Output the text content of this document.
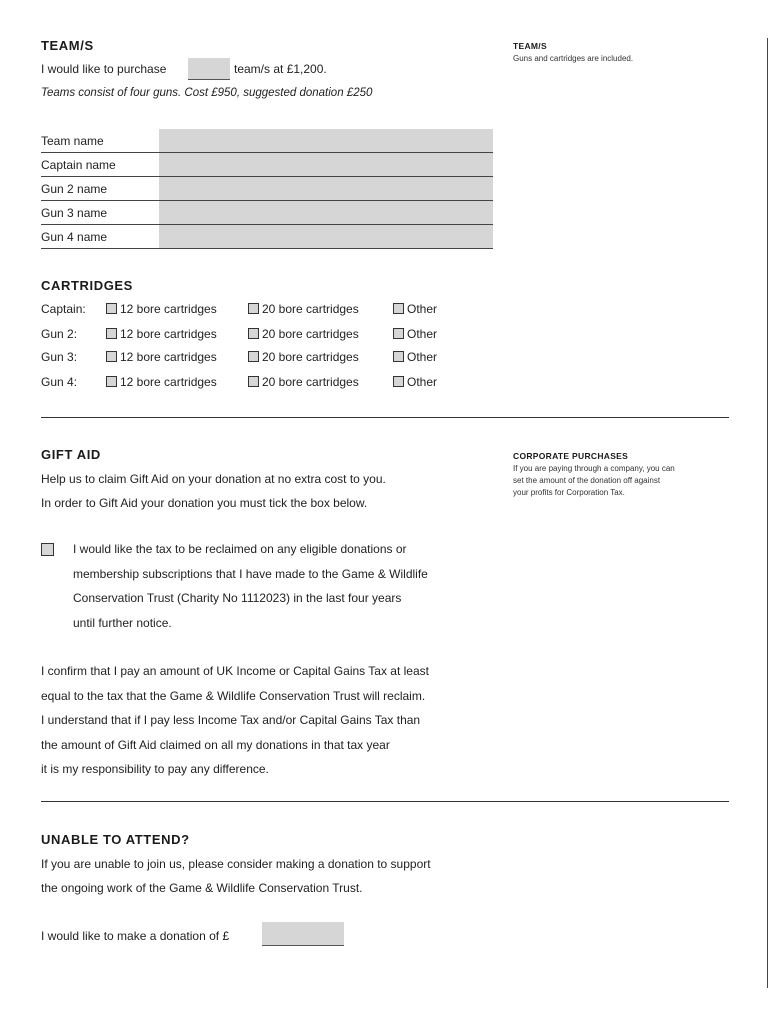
TEAM/S
I would like to purchase	team/s at £1,200.
Teams consist of four guns. Cost £950, suggested donation £250
TEAM/S
Guns and cartridges are included.
Team name
Captain name
Gun 2 name
Gun 3 name
Gun 4 name
CARTRIDGES
Captain:	12 bore cartridges	20 bore cartridges	Other
Gun 2:	12 bore cartridges	20 bore cartridges	Other
Gun 3:	12 bore cartridges	20 bore cartridges	Other
Gun 4:	12 bore cartridges	20 bore cartridges	Other
GIFT AID
Help us to claim Gift Aid on your donation at no extra cost to you.
In order to Gift Aid your donation you must tick the box below.
CORPORATE PURCHASES
If you are paying through a company, you can
set the amount of the donation off against
your profits for Corporation Tax.
I would like the tax to be reclaimed on any eligible donations or
membership subscriptions that I have made to the Game & Wildlife
Conservation Trust (Charity No 1112023) in the last four years
until further notice.
I confirm that I pay an amount of UK Income or Capital Gains Tax at least
equal to the tax that the Game & Wildlife Conservation Trust will reclaim.
I understand that if I pay less Income Tax and/or Capital Gains Tax than
the amount of Gift Aid claimed on all my donations in that tax year
it is my responsibility to pay any difference.
UNABLE TO ATTEND?
If you are unable to join us, please consider making a donation to support
the ongoing work of the Game & Wildlife Conservation Trust.
I would like to make a donation of £
